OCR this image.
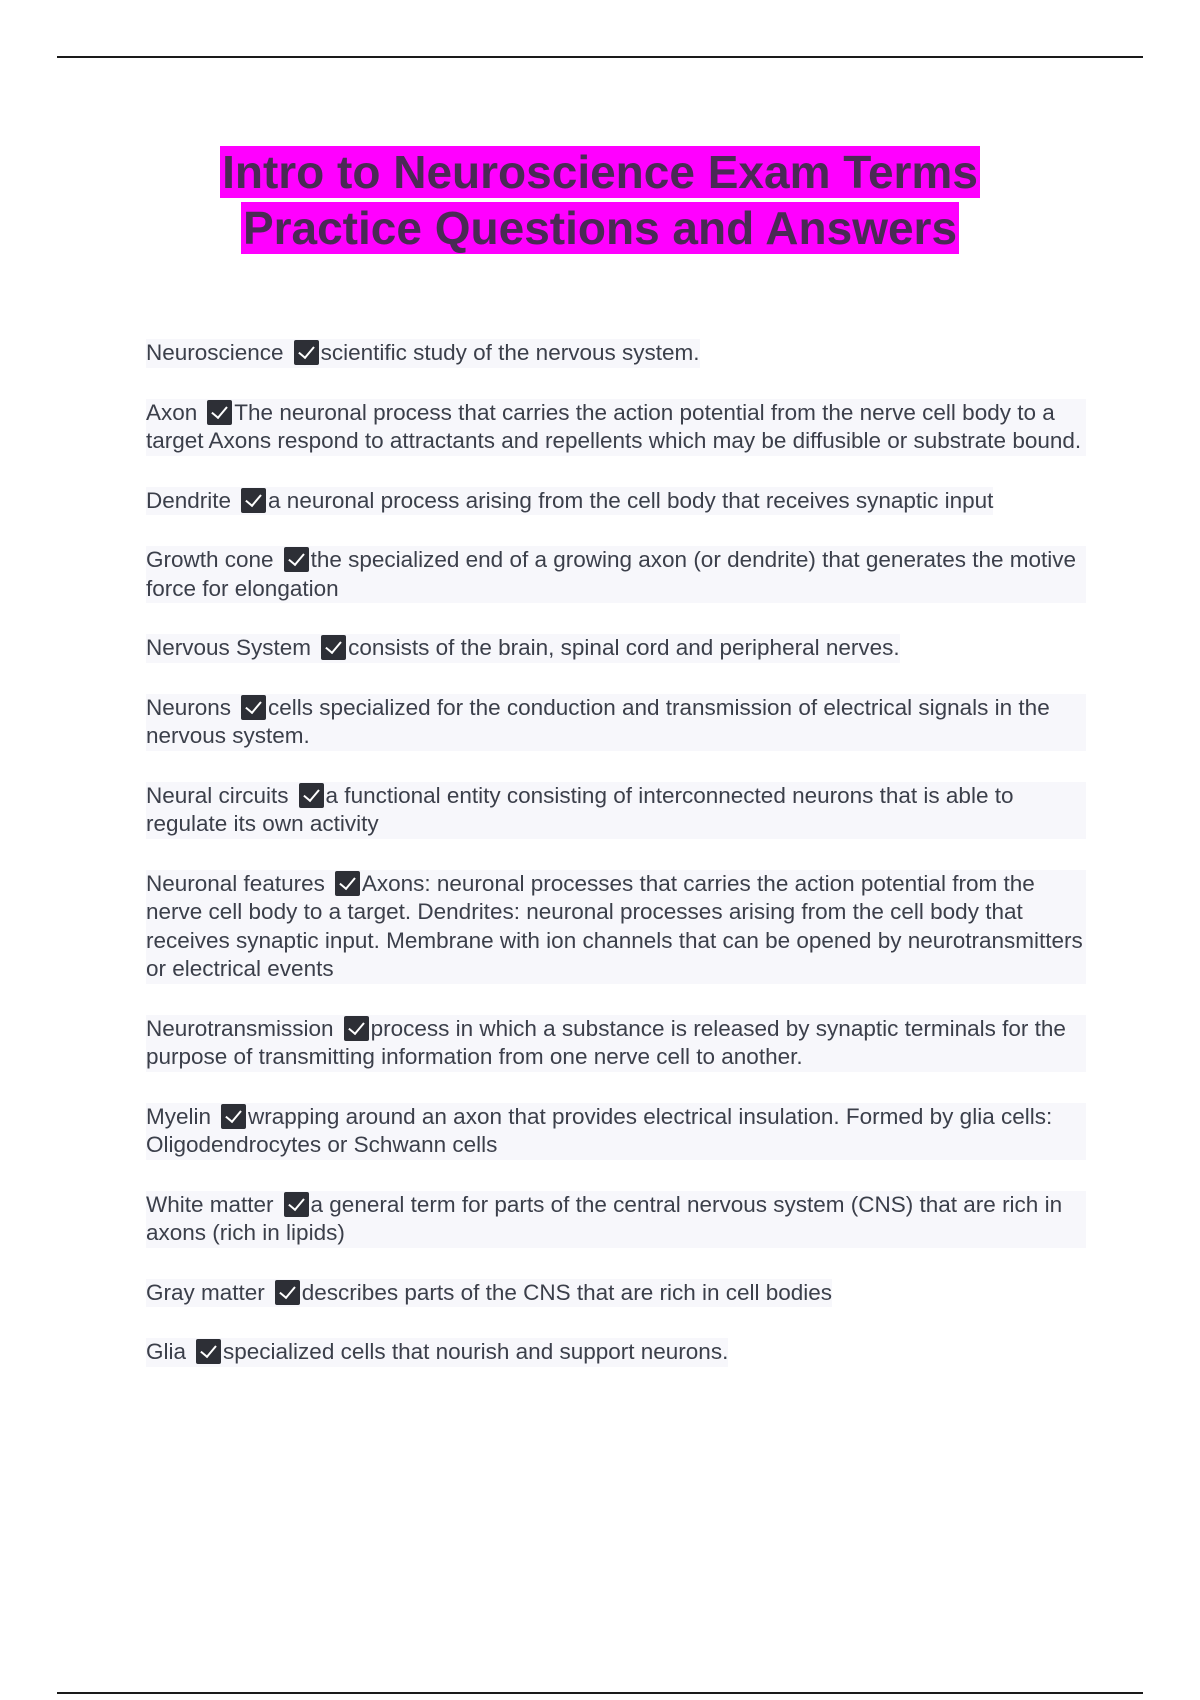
Intro to Neuroscience Exam Terms
Practice Questions and Answers
Neuroscience scientific study of the nervous system.
Axon The neuronal process that carries the action potential from the nerve cell body to a target Axons respond to attractants and repellents which may be diffusible or substrate bound.
Dendrite a neuronal process arising from the cell body that receives synaptic input
Growth cone the specialized end of a growing axon (or dendrite) that generates the motive force for elongation
Nervous System consists of the brain, spinal cord and peripheral nerves.
Neurons cells specialized for the conduction and transmission of electrical signals in the nervous system.
Neural circuits a functional entity consisting of interconnected neurons that is able to regulate its own activity
Neuronal features Axons: neuronal processes that carries the action potential from the nerve cell body to a target. Dendrites: neuronal processes arising from the cell body that receives synaptic input. Membrane with ion channels that can be opened by neurotransmitters or electrical events
Neurotransmission process in which a substance is released by synaptic terminals for the purpose of transmitting information from one nerve cell to another.
Myelin wrapping around an axon that provides electrical insulation. Formed by glia cells: Oligodendrocytes or Schwann cells
White matter a general term for parts of the central nervous system (CNS) that are rich in axons (rich in lipids)
Gray matter describes parts of the CNS that are rich in cell bodies
Glia specialized cells that nourish and support neurons.
